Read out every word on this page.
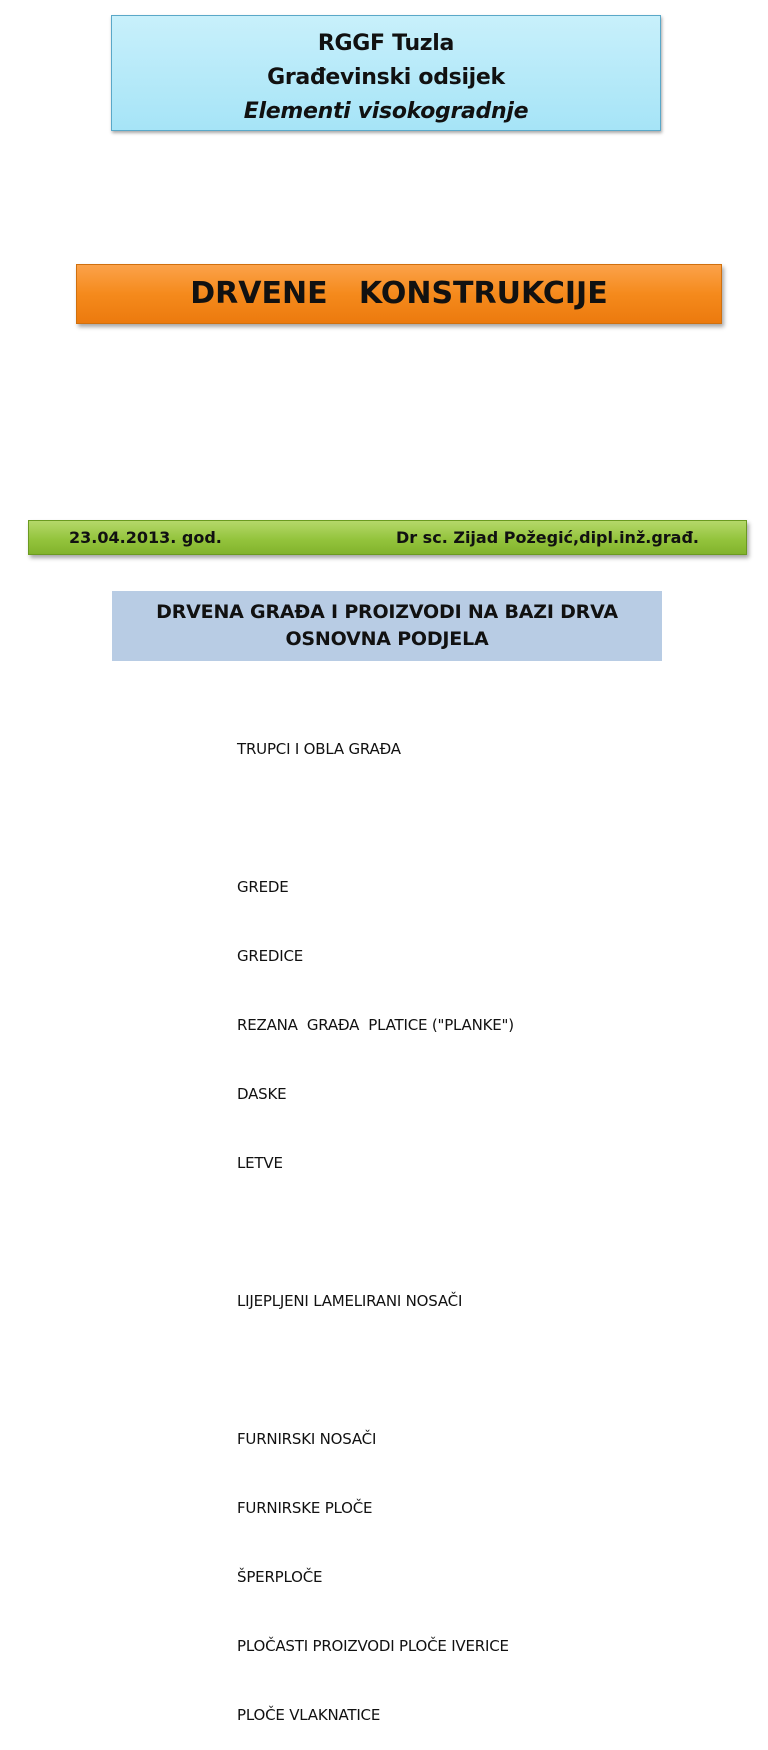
RGGF Tuzla
Građevinski odsijek
Elementi visokogradnje
DRVENE   KONSTRUKCIJE
23.04.2013. god.	Dr sc. Zijad Požegić,dipl.inž.građ.
DRVENA GRAĐA I PROIZVODI NA BAZI DRVA
OSNOVNA PODJELA

TRUPCI I OBLA GRAĐA

GREDE

GREDICE

REZANA  GRAĐA  PLATICE ("PLANKE")

DASKE

LETVE

LIJEPLJENI LAMELIRANI NOSAČI

FURNIRSKI NOSAČI

FURNIRSKE PLOČE

ŠPERPLOČE

PLOČASTI PROIZVODI PLOČE IVERICE

PLOČE VLAKNATICE
